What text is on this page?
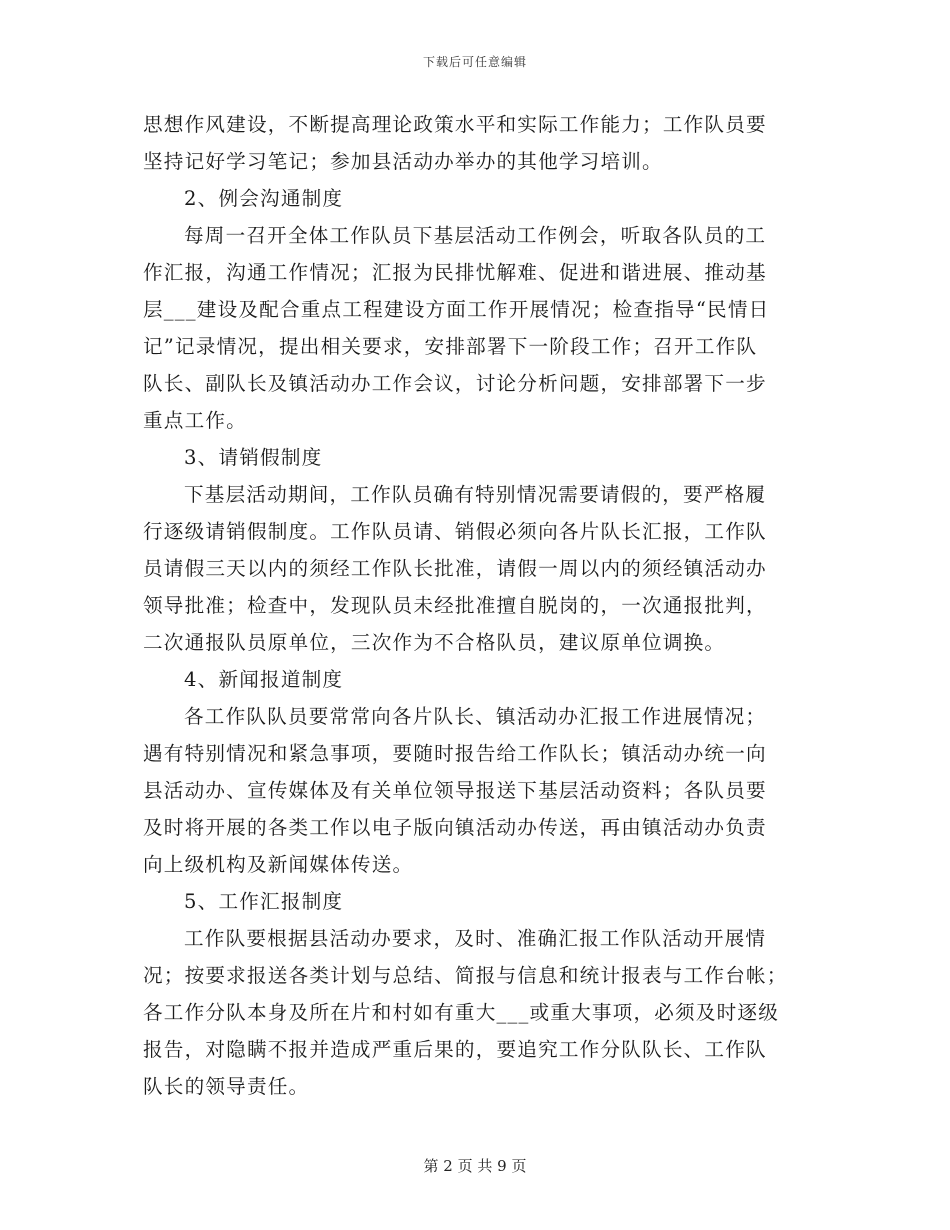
下载后可任意编辑
思想作风建设，不断提高理论政策水平和实际工作能力；工作队员要
坚持记好学习笔记；参加县活动办举办的其他学习培训。
2、例会沟通制度
每周一召开全体工作队员下基层活动工作例会，听取各队员的工
作汇报，沟通工作情况；汇报为民排忧解难、促进和谐进展、推动基
层___建设及配合重点工程建设方面工作开展情况；检查指导“民情日
记”记录情况，提出相关要求，安排部署下一阶段工作；召开工作队
队长、副队长及镇活动办工作会议，讨论分析问题，安排部署下一步
重点工作。
3、请销假制度
下基层活动期间，工作队员确有特别情况需要请假的，要严格履
行逐级请销假制度。工作队员请、销假必须向各片队长汇报，工作队
员请假三天以内的须经工作队长批准，请假一周以内的须经镇活动办
领导批准；检查中，发现队员未经批准擅自脱岗的，一次通报批判，
二次通报队员原单位，三次作为不合格队员，建议原单位调换。
4、新闻报道制度
各工作队队员要常常向各片队长、镇活动办汇报工作进展情况；
遇有特别情况和紧急事项，要随时报告给工作队长；镇活动办统一向
县活动办、宣传媒体及有关单位领导报送下基层活动资料；各队员要
及时将开展的各类工作以电子版向镇活动办传送，再由镇活动办负责
向上级机构及新闻媒体传送。
5、工作汇报制度
工作队要根据县活动办要求，及时、准确汇报工作队活动开展情
况；按要求报送各类计划与总结、简报与信息和统计报表与工作台帐；
各工作分队本身及所在片和村如有重大___或重大事项，必须及时逐级
报告，对隐瞒不报并造成严重后果的，要追究工作分队队长、工作队
队长的领导责任。
第 2 页 共 9 页
